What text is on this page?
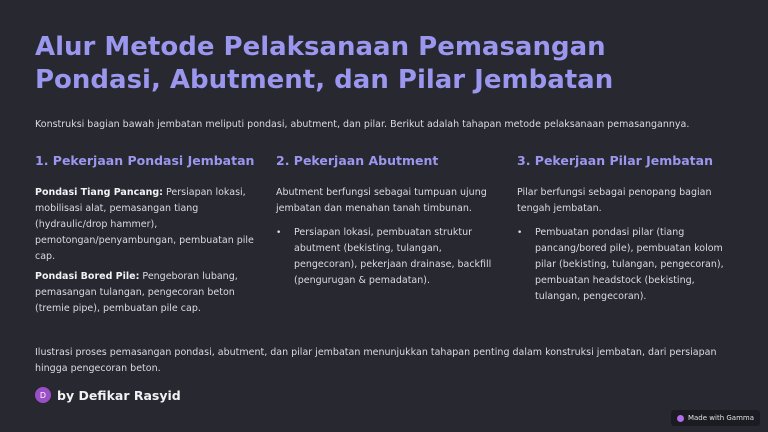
Alur Metode Pelaksanaan Pemasangan Pondasi, Abutment, dan Pilar Jembatan

Konstruksi bagian bawah jembatan meliputi pondasi, abutment, dan pilar. Berikut adalah tahapan metode pelaksanaan pemasangannya.

1. Pekerjaan Pondasi Jembatan

Pondasi Tiang Pancang: Persiapan lokasi, mobilisasi alat, pemasangan tiang (hydraulic/drop hammer), pemotongan/penyambungan, pembuatan pile cap.

Pondasi Bored Pile: Pengeboran lubang, pemasangan tulangan, pengecoran beton (tremie pipe), pembuatan pile cap.

2. Pekerjaan Abutment

Abutment berfungsi sebagai tumpuan ujung jembatan dan menahan tanah timbunan.

• Persiapan lokasi, pembuatan struktur abutment (bekisting, tulangan, pengecoran), pekerjaan drainase, backfill (pengurugan & pemadatan).
3. Pekerjaan Pilar Jembatan

Pilar berfungsi sebagai penopang bagian tengah jembatan.

• Pembuatan pondasi pilar (tiang pancang/bored pile), pembuatan kolom pilar (bekisting, tulangan, pengecoran), pembuatan headstock (bekisting, tulangan, pengecoran).

Ilustrasi proses pemasangan pondasi, abutment, dan pilar jembatan menunjukkan tahapan penting dalam konstruksi jembatan, dari persiapan hingga pengecoran beton.

D by Defikar Rasyid
Made with Gamma
